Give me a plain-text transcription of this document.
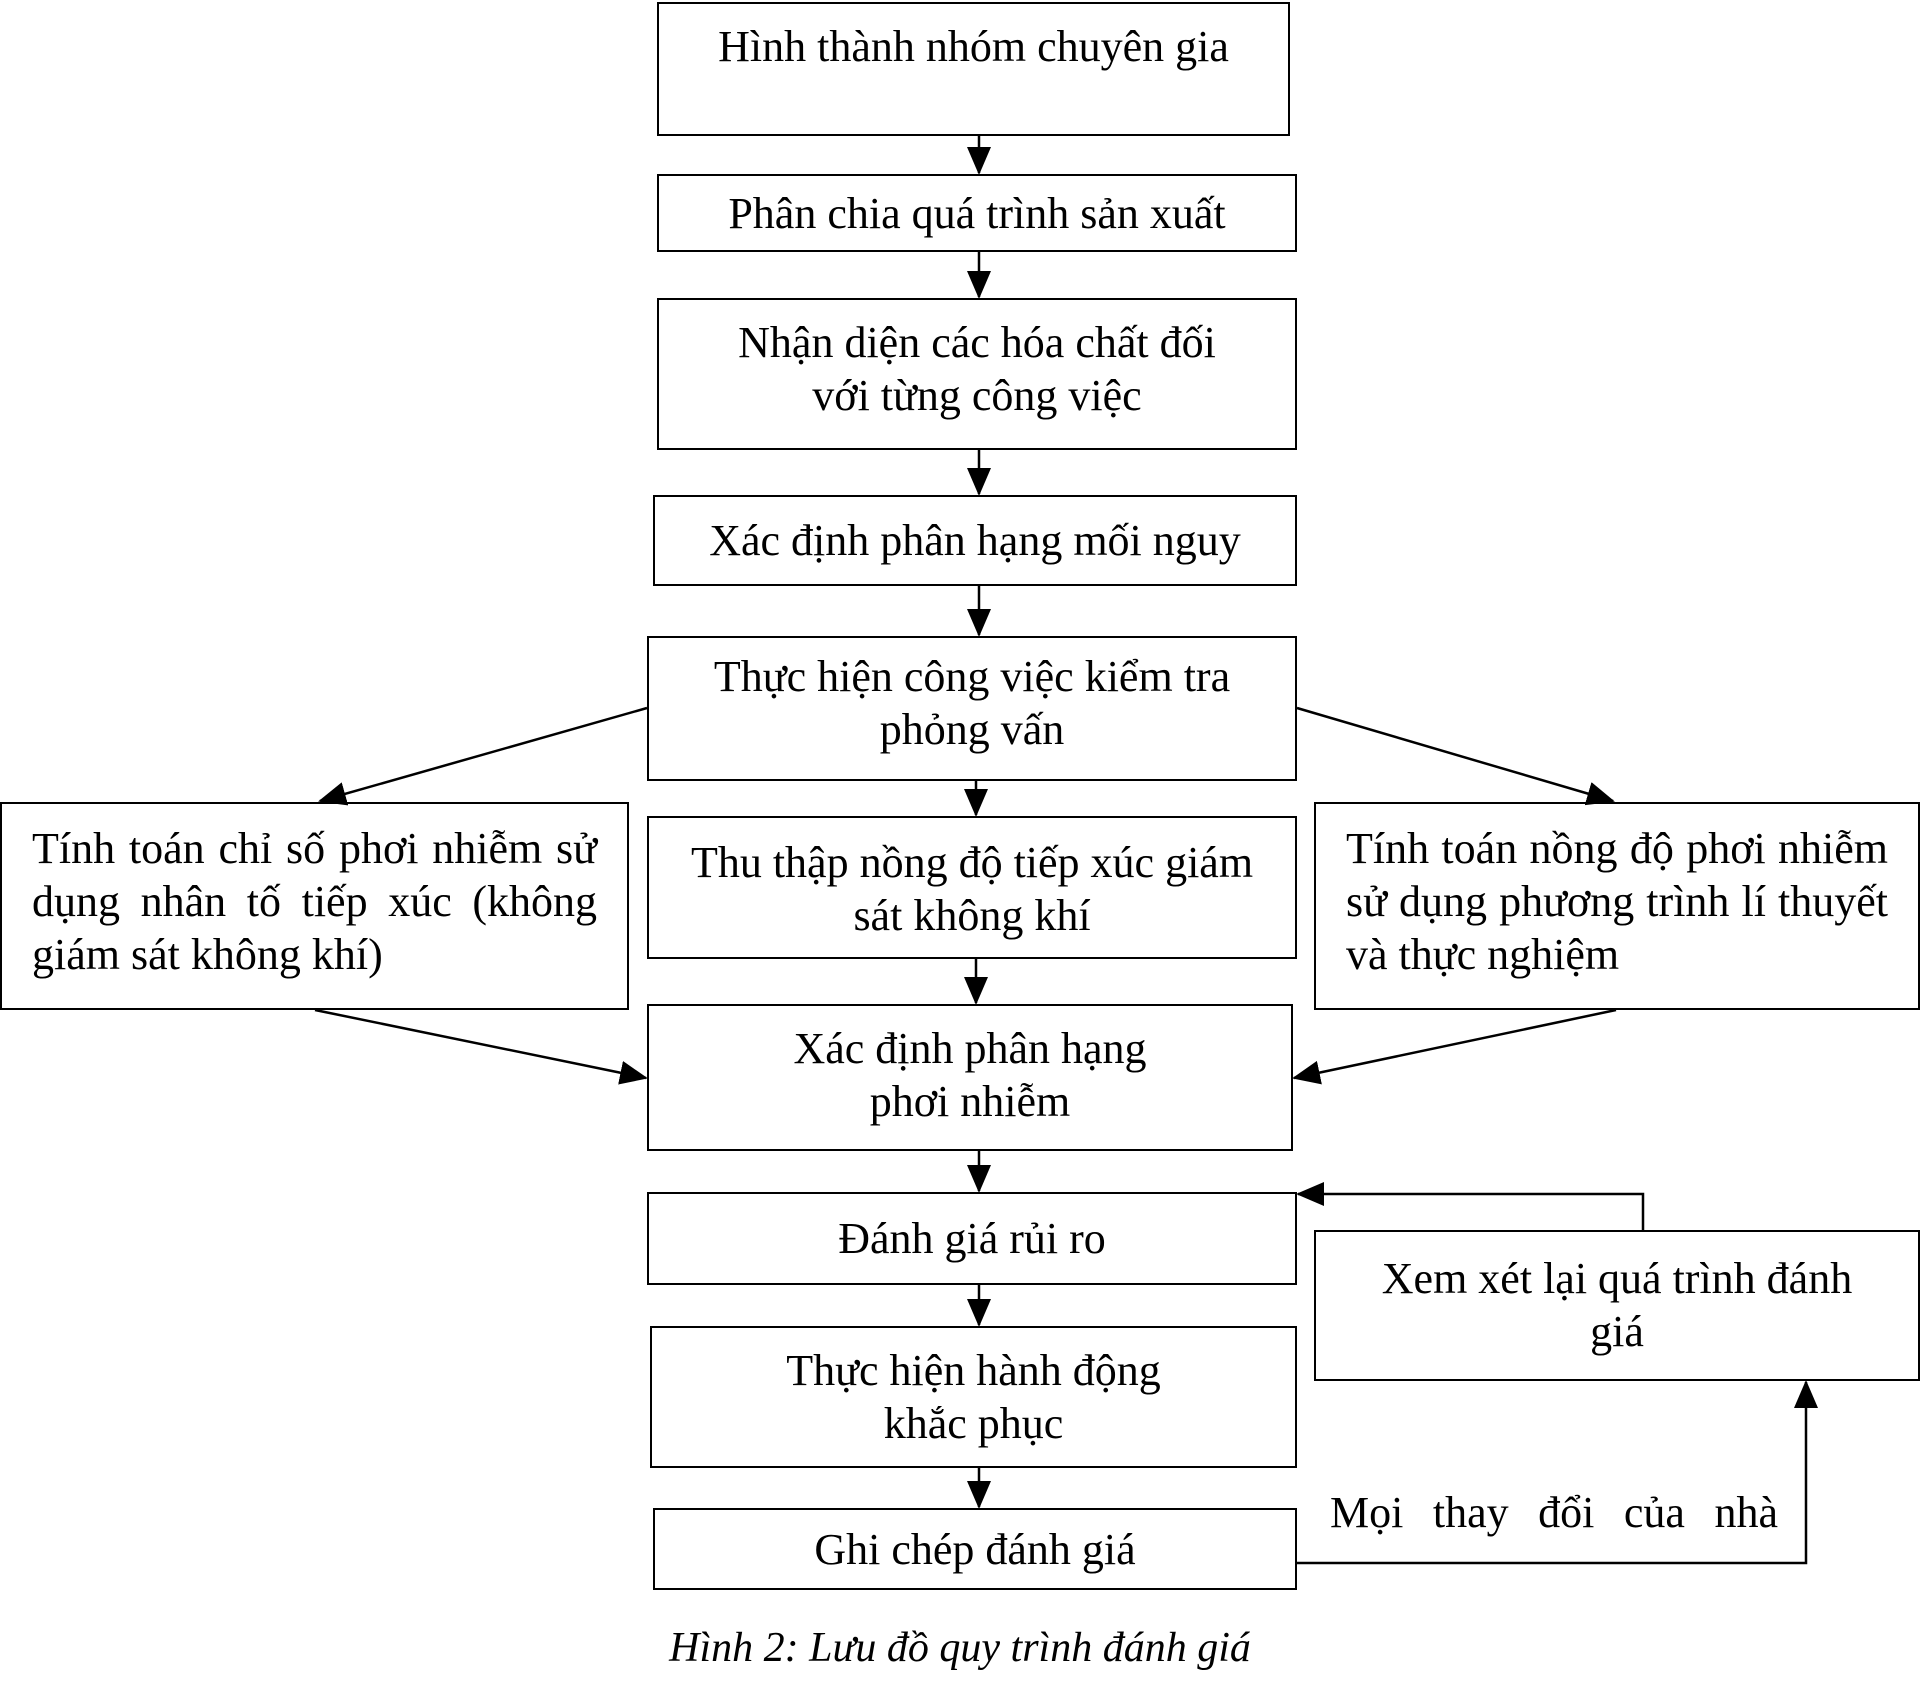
Hình thành nhóm chuyên gia
Phân chia quá trình sản xuất
Nhận diện các hóa chất đối với từng công việc
Xác định phân hạng mối nguy
Thực hiện công việc kiểm tra phỏng vấn
Tính toán chỉ số phơi nhiễm sử dụng nhân tố tiếp xúc (không giám sát không khí)
Thu thập nồng độ tiếp xúc giám sát không khí
Tính toán nồng độ phơi nhiễm sử dụng phương trình lí thuyết và thực nghiệm
Xác định phân hạng phơi nhiễm
Đánh giá rủi ro
Xem xét lại quá trình đánh giá
Thực hiện hành động khắc phục
Ghi chép đánh giá
Mọi thay đổi của nhà
Hình 2: Lưu đồ quy trình đánh giá
